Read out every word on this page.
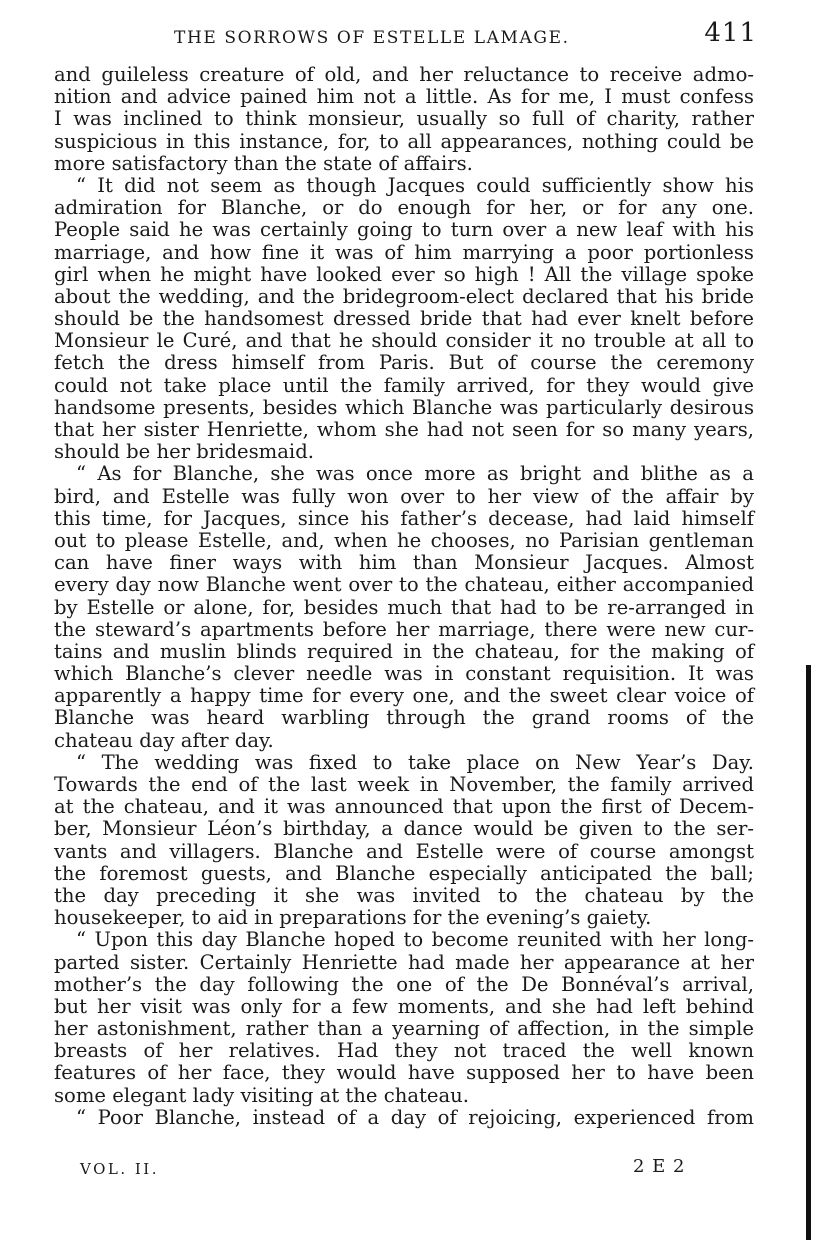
THE SORROWS OF ESTELLE LAMAGE.	411
and guileless creature of old, and her reluctance to receive admo-
nition and advice pained him not a little. As for me, I must confess
I was inclined to think monsieur, usually so full of charity, rather
suspicious in this instance, for, to all appearances, nothing could be
more satisfactory than the state of affairs.
“ It did not seem as though Jacques could sufficiently show his
admiration for Blanche, or do enough for her, or for any one.
People said he was certainly going to turn over a new leaf with his
marriage, and how fine it was of him marrying a poor portionless
girl when he might have looked ever so high ! All the village spoke
about the wedding, and the bridegroom-elect declared that his bride
should be the handsomest dressed bride that had ever knelt before
Monsieur le Curé, and that he should consider it no trouble at all to
fetch the dress himself from Paris. But of course the ceremony
could not take place until the family arrived, for they would give
handsome presents, besides which Blanche was particularly desirous
that her sister Henriette, whom she had not seen for so many years,
should be her bridesmaid.
“ As for Blanche, she was once more as bright and blithe as a
bird, and Estelle was fully won over to her view of the affair by
this time, for Jacques, since his father’s decease, had laid himself
out to please Estelle, and, when he chooses, no Parisian gentleman
can have finer ways with him than Monsieur Jacques. Almost
every day now Blanche went over to the chateau, either accompanied
by Estelle or alone, for, besides much that had to be re-arranged in
the steward’s apartments before her marriage, there were new cur-
tains and muslin blinds required in the chateau, for the making of
which Blanche’s clever needle was in constant requisition. It was
apparently a happy time for every one, and the sweet clear voice of
Blanche was heard warbling through the grand rooms of the
chateau day after day.
“ The wedding was fixed to take place on New Year’s Day.
Towards the end of the last week in November, the family arrived
at the chateau, and it was announced that upon the first of Decem-
ber, Monsieur Léon’s birthday, a dance would be given to the ser-
vants and villagers. Blanche and Estelle were of course amongst
the foremost guests, and Blanche especially anticipated the ball;
the day preceding it she was invited to the chateau by the
housekeeper, to aid in preparations for the evening’s gaiety.
“ Upon this day Blanche hoped to become reunited with her long-
parted sister. Certainly Henriette had made her appearance at her
mother’s the day following the one of the De Bonnéval’s arrival,
but her visit was only for a few moments, and she had left behind
her astonishment, rather than a yearning of affection, in the simple
breasts of her relatives. Had they not traced the well known
features of her face, they would have supposed her to have been
some elegant lady visiting at the chateau.
“ Poor Blanche, instead of a day of rejoicing, experienced from
VOL. II.	2 E 2
